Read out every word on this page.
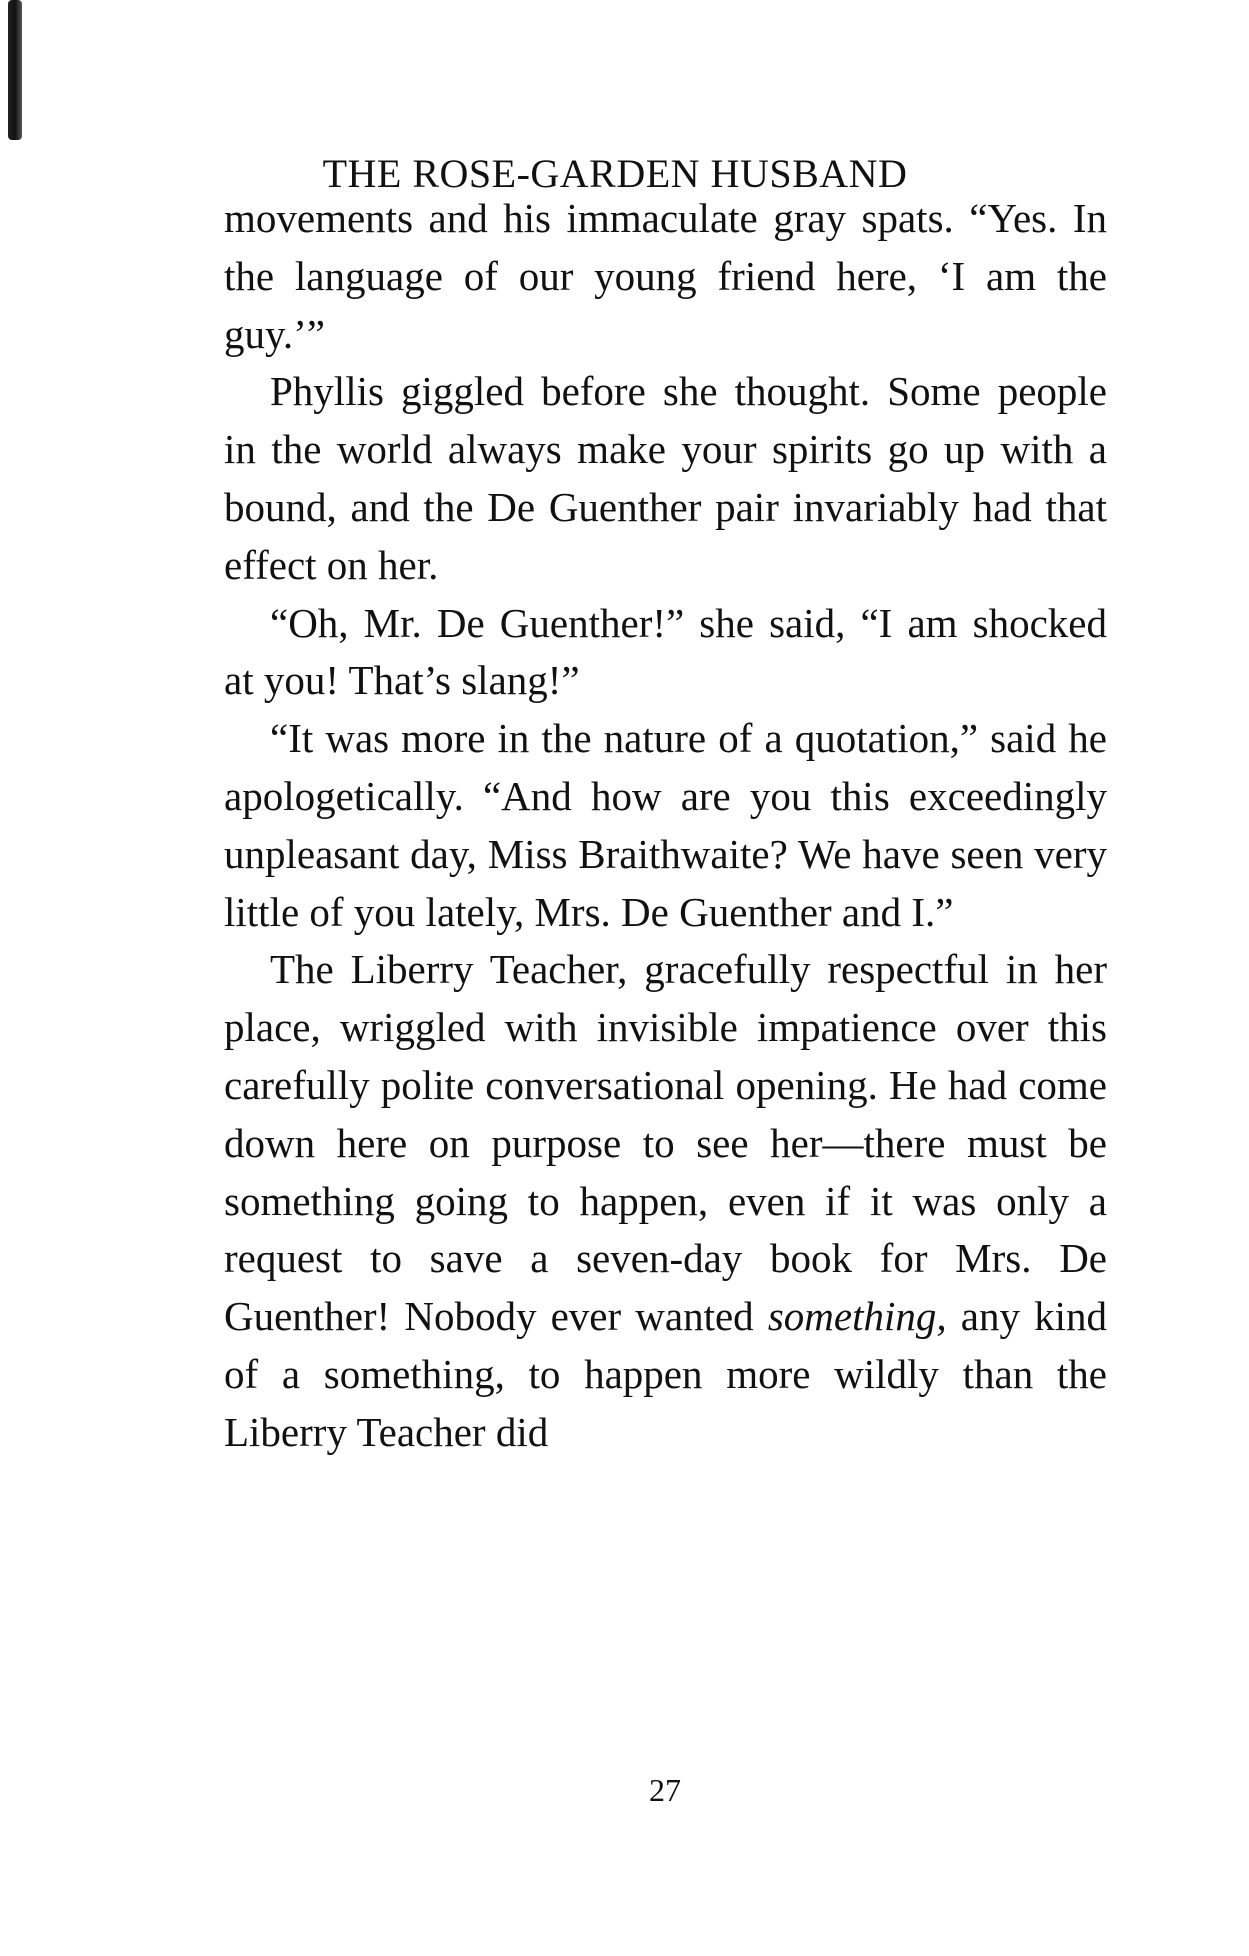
THE ROSE-GARDEN HUSBAND

movements and his immaculate gray spats. “Yes. In the language of our young friend here, ‘I am the guy.’”

Phyllis giggled before she thought. Some people in the world always make your spirits go up with a bound, and the De Guenther pair invariably had that effect on her.

“Oh, Mr. De Guenther!” she said, “I am shocked at you! That’s slang!”

“It was more in the nature of a quotation,” said he apologetically. “And how are you this exceedingly unpleasant day, Miss Braithwaite? We have seen very little of you lately, Mrs. De Guenther and I.”

The Liberry Teacher, gracefully respectful in her place, wriggled with invisible impatience over this carefully polite conversational opening. He had come down here on purpose to see her—there must be something going to happen, even if it was only a request to save a seven-day book for Mrs. De Guenther! Nobody ever wanted something, any kind of a something, to happen more wildly than the Liberry Teacher did

27
